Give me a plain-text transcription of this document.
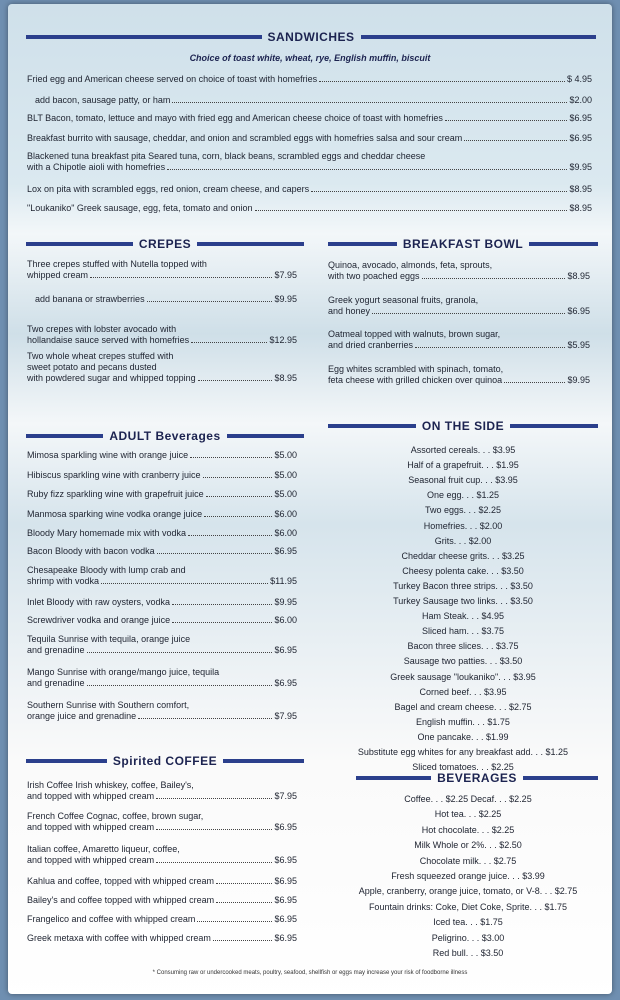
Choice of toast white, wheat, rye, English muffin, biscuit
* Consuming raw or undercooked meats, poultry, seafood, shellfish or eggs may increase your risk of foodborne illness
SANDWICHES
Fried egg and American cheese served on choice of toast with homefries	$ 4.95
add bacon, sausage patty, or ham	$2.00
BLT Bacon, tomato, lettuce and mayo with fried egg and American cheese choice of toast with homefries	$6.95
Breakfast burrito with sausage, cheddar, and onion and scrambled eggs with homefries salsa and sour cream	$6.95
Blackened tuna breakfast pita Seared tuna, corn, black beans, scrambled eggs and cheddar cheese
with a Chipotle aioli with homefries	$9.95
Lox on pita with scrambled eggs, red onion, cream cheese, and capers	$8.95
"Loukaniko" Greek sausage, egg, feta, tomato and onion	$8.95
CREPES
Three crepes stuffed with Nutella topped with
whipped cream	$7.95
add banana or strawberries	$9.95
Two crepes with lobster avocado with
hollandaise sauce served with homefries	$12.95
Two whole wheat crepes stuffed with
sweet potato and pecans dusted
with powdered sugar and whipped topping	$8.95
BREAKFAST BOWL
Quinoa, avocado, almonds, feta, sprouts,
with two poached eggs	$8.95
Greek yogurt seasonal fruits, granola,
and honey	$6.95
Oatmeal topped with walnuts, brown sugar,
and dried cranberries	$5.95
Egg whites scrambled with spinach, tomato,
feta cheese with grilled chicken over quinoa	$9.95
ADULT Beverages
Mimosa sparkling wine with orange juice	$5.00
Hibiscus sparkling wine with cranberry juice	$5.00
Ruby fizz sparkling wine with grapefruit juice	$5.00
Manmosa sparking wine vodka orange juice	$6.00
Bloody Mary homemade mix with vodka	$6.00
Bacon Bloody with bacon vodka	$6.95
Chesapeake Bloody with lump crab and
shrimp with vodka	$11.95
Inlet Bloody with raw oysters, vodka	$9.95
Screwdriver vodka and orange juice	$6.00
Tequila Sunrise with tequila, orange juice
and grenadine	$6.95
Mango Sunrise with orange/mango juice, tequila
and grenadine	$6.95
Southern Sunrise with Southern comfort,
orange juice and grenadine	$7.95
Spirited COFFEE
Irish Coffee Irish whiskey, coffee, Bailey's,
and topped with whipped cream	$7.95
French Coffee Cognac, coffee, brown sugar,
and topped with whipped cream	$6.95
Italian coffee, Amaretto liqueur, coffee,
and topped with whipped cream	$6.95
Kahlua and coffee, topped with whipped cream	$6.95
Bailey's and coffee topped with whipped cream	$6.95
Frangelico and coffee with whipped cream	$6.95
Greek metaxa with coffee with whipped cream	$6.95
ON THE SIDE
Assorted cereals. . . $3.95
Half of a grapefruit. . . $1.95
Seasonal fruit cup. . . $3.95
One egg. . . $1.25
Two eggs. . . $2.25
Homefries. . . $2.00
Grits. . . $2.00
Cheddar cheese grits. . . $3.25
Cheesy polenta cake. . . $3.50
Turkey Bacon three strips. . . $3.50
Turkey Sausage two links. . . $3.50
Ham Steak. . . $4.95
Sliced ham. . . $3.75
Bacon three slices. . . $3.75
Sausage two patties. . . $3.50
Greek sausage "loukaniko". . . $3.95
Corned beef. . . $3.95
Bagel and cream cheese. . . $2.75
English muffin. . . $1.75
One pancake. . . $1.99
Substitute egg whites for any breakfast add. . . $1.25
Sliced tomatoes. . . $2.25
BEVERAGES
Coffee. . . $2.25 Decaf. . . $2.25
Hot tea. . . $2.25
Hot chocolate. . . $2.25
Milk Whole or 2%. . . $2.50
Chocolate milk. . . $2.75
Fresh squeezed orange juice. . . $3.99
Apple, cranberry, orange juice, tomato, or V-8. . . $2.75
Fountain drinks: Coke, Diet Coke, Sprite. . . $1.75
Iced tea. . . $1.75
Peligrino. . . $3.00
Red bull. . . $3.50
